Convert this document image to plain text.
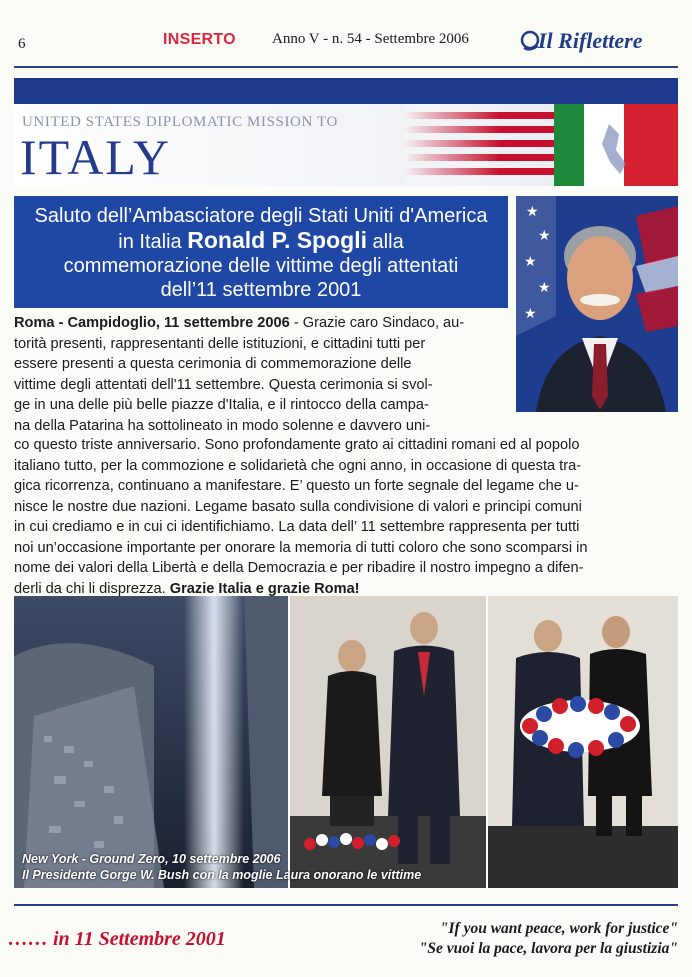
6	INSERTO Anno V - n. 54 - Settembre 2006	Il Riflettere
UNITED STATES DIPLOMATIC MISSION TO
ITALY
Saluto dell’Ambasciatore degli Stati Uniti d'America
in Italia Ronald P. Spogli alla
commemorazione delle vittime degli attentati
dell’11 settembre 2001
★
★
★
★
★
Roma - Campidoglio, 11 settembre 2006 - Grazie caro Sindaco, au-
torità presenti, rappresentanti delle istituzioni, e cittadini tutti per
essere presenti a questa cerimonia di commemorazione delle
vittime degli attentati dell'11 settembre. Questa cerimonia si svol-
ge in una delle più belle piazze d'Italia, e il rintocco della campa-
na della Patarina ha sottolineato in modo solenne e davvero uni-
co questo triste anniversario. Sono profondamente grato ai cittadini romani ed al popolo
italiano tutto, per la commozione e solidarietà che ogni anno, in occasione di questa tra-
gica ricorrenza, continuano a manifestare. E’ questo un forte segnale del legame che u-
nisce le nostre due nazioni. Legame basato sulla condivisione di valori e principi comuni
in cui crediamo e in cui ci identifichiamo. La data dell’ 11 settembre rappresenta per tutti
noi un’occasione importante per onorare la memoria di tutti coloro che sono scomparsi in
nome dei valori della Libertà e della Democrazia e per ribadire il nostro impegno a difen-
derli da chi li disprezza. Grazie Italia e grazie Roma!
New York - Ground Zero, 10 settembre 2006
Il Presidente Gorge W. Bush con la moglie Laura onorano le vittime
…… in 11 Settembre 2001	"If you want peace, work for justice"
"Se vuoi la pace, lavora per la giustizia"
